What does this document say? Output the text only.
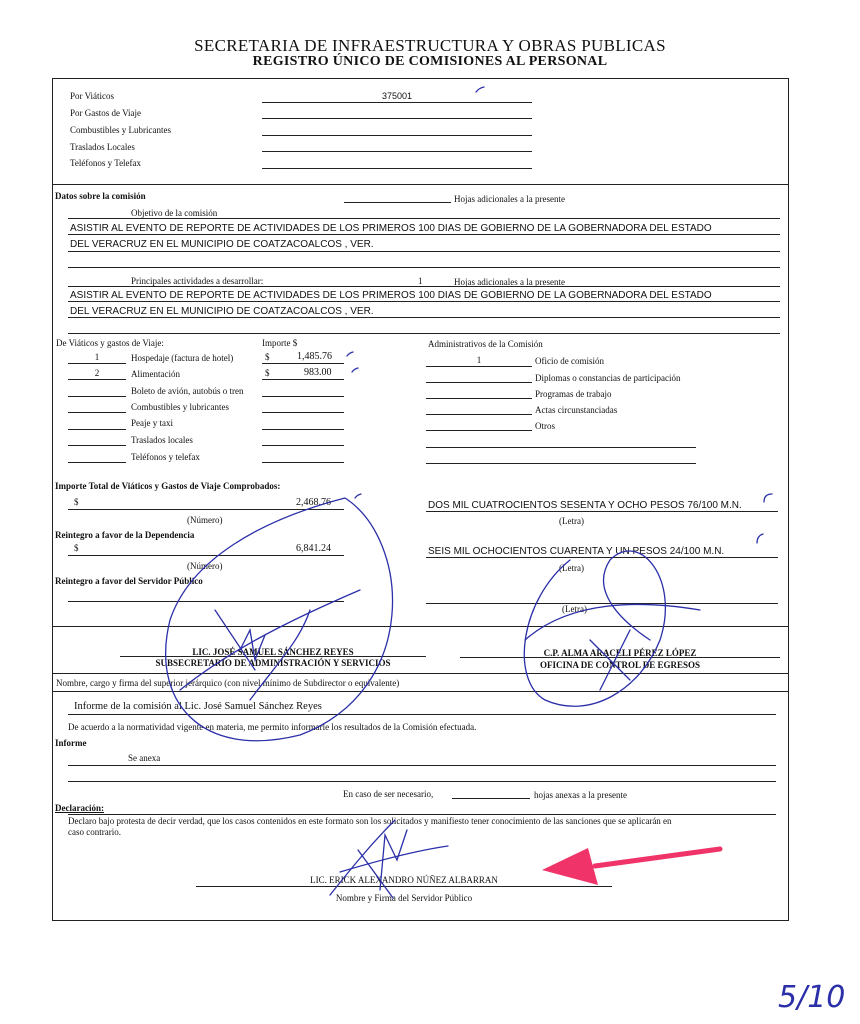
SECRETARIA DE INFRAESTRUCTURA Y OBRAS PUBLICAS
REGISTRO ÚNICO DE COMISIONES AL PERSONAL
Por Viáticos	375001
Por Gastos de Viaje
Combustibles y Lubricantes
Traslados Locales
Teléfonos y Telefax
Datos sobre la comisión	Hojas adicionales a la presente
Objetivo de la comisión
ASISTIR AL EVENTO DE REPORTE DE ACTIVIDADES DE LOS PRIMEROS 100 DIAS DE GOBIERNO DE LA GOBERNADORA DEL ESTADO
DEL VERACRUZ EN EL MUNICIPIO DE COATZACOALCOS , VER.
Principales actividades a desarrollar:	1	Hojas adicionales a la presente
ASISTIR AL EVENTO DE REPORTE DE ACTIVIDADES DE LOS PRIMEROS 100 DIAS DE GOBIERNO DE LA GOBERNADORA DEL ESTADO
DEL VERACRUZ EN EL MUNICIPIO DE COATZACOALCOS , VER.
De Viáticos y gastos de Viaje:	Importe $	Administrativos de la Comisión
1	Hospedaje (factura de hotel)	$	1,485.76
2	Alimentación	$	983.00
Boleto de avión, autobús o tren
Combustibles y lubricantes
Peaje y taxi
Traslados locales
Teléfonos y telefax
1	Oficio de comisión
Diplomas o constancias de participación
Programas de trabajo
Actas circunstanciadas
Otros
Importe Total de Viáticos y Gastos de Viaje Comprobados:
$	2,468.76
(Número)
DOS MIL CUATROCIENTOS SESENTA Y OCHO PESOS 76/100 M.N.
(Letra)
Reintegro a favor de la Dependencia
$	6,841.24
(Número)
SEIS MIL OCHOCIENTOS CUARENTA Y UN PESOS 24/100 M.N.
(Letra)
Reintegro a favor del Servidor Público
(Letra)
LIC. JOSÉ SAMUEL SÁNCHEZ REYES
SUBSECRETARIO DE ADMINISTRACIÓN Y SERVICIOS
C.P. ALMA ARACELI PÉREZ LÓPEZ
OFICINA DE CONTROL DE EGRESOS
Nombre, cargo y firma del superior jerárquico (con nivel mínimo de Subdirector o equivalente)
Informe de la comisión al Lic. José Samuel Sánchez Reyes
De acuerdo a la normatividad vigente en materia, me permito informarle los resultados de la Comisión efectuada.
Informe
Se anexa
En caso de ser necesario,	hojas anexas a la presente
Declaración:
Declaro bajo protesta de decir verdad, que los casos contenidos en este formato son los solicitados y manifiesto tener conocimiento de las sanciones que se aplicarán en
caso contrario.
LIC. ERICK ALEXANDRO NÚÑEZ ALBARRAN
Nombre y Firma del Servidor Público
5/10
